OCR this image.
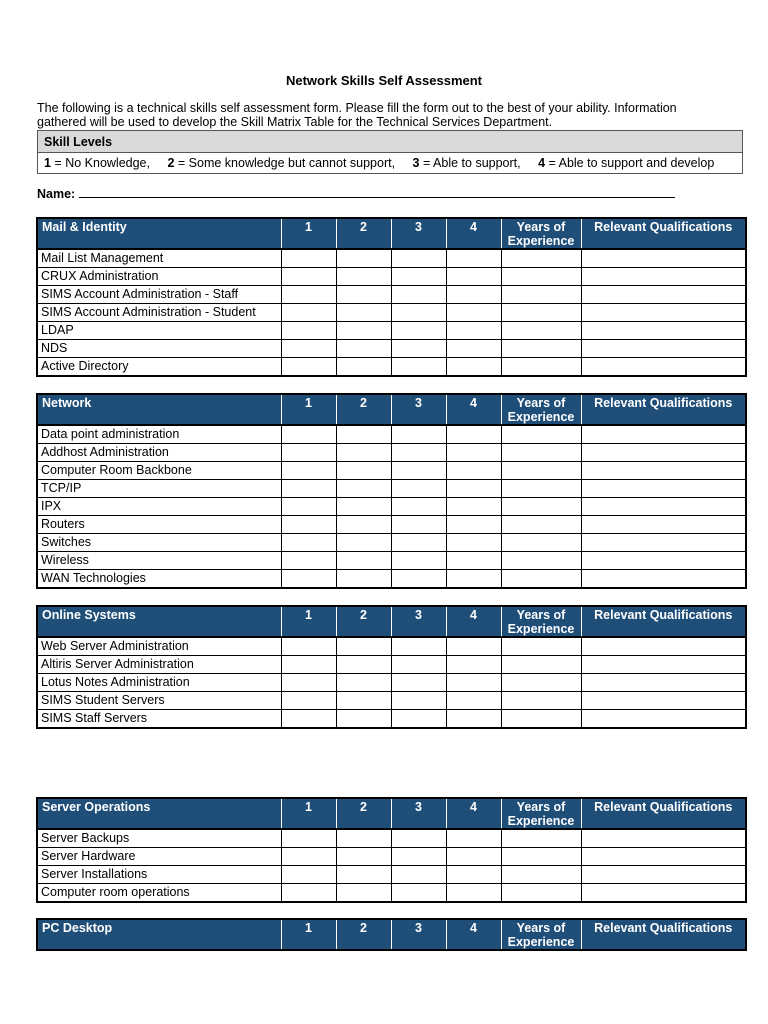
Network Skills Self Assessment
The following is a technical skills self assessment form. Please fill the form out to the best of your ability. Information
gathered will be used to develop the Skill Matrix Table for the Technical Services Department.
Skill Levels
1 = No Knowledge, 2 = Some knowledge but cannot support, 3 = Able to support, 4 = Able to support and develop
Name:
Mail & Identity	1	2	3	4	Years of Experience	Relevant Qualifications
Mail List Management						
CRUX Administration						
SIMS Account Administration - Staff						
SIMS Account Administration - Student						
LDAP						
NDS						
Active Directory						
Network	1	2	3	4	Years of Experience	Relevant Qualifications
Data point administration						
Addhost Administration						
Computer Room Backbone						
TCP/IP						
IPX						
Routers						
Switches						
Wireless						
WAN Technologies						
Online Systems	1	2	3	4	Years of Experience	Relevant Qualifications
Web Server Administration						
Altiris Server Administration						
Lotus Notes Administration						
SIMS Student Servers						
SIMS Staff Servers						
Server Operations	1	2	3	4	Years of Experience	Relevant Qualifications
Server Backups						
Server Hardware						
Server Installations						
Computer room operations						
PC Desktop	1	2	3	4	Years of Experience	Relevant Qualifications
